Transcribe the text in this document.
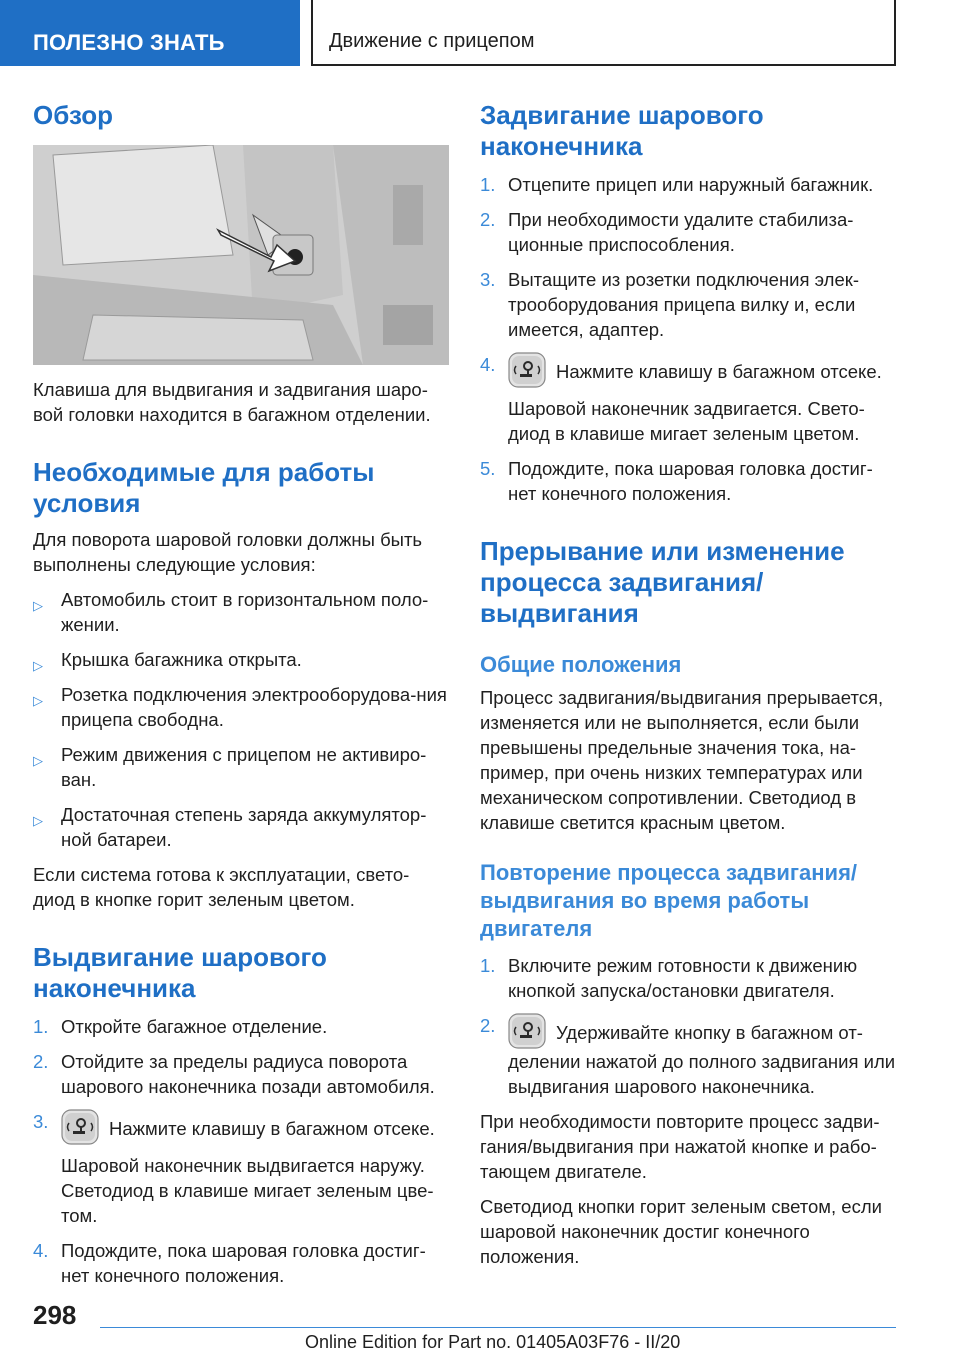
ПОЛЕЗНО ЗНАТЬ	Движение с прицепом
Обзор

Клавиша для выдвигания и задвигания шаро-вой головки находится в багажном отделении.

Необходимые для работы условия

Для поворота шаровой головки должны быть выполнены следующие условия:

▷ Автомобиль стоит в горизонтальном поло-жении.
▷ Крышка багажника открыта.
▷ Розетка подключения электрооборудова-ния прицепа свободна.
▷ Режим движения с прицепом не активиро-ван.
▷ Достаточная степень заряда аккумулятор-ной батареи.

Если система готова к эксплуатации, свето-диод в кнопке горит зеленым цветом.

Выдвигание шарового наконечника
1. Откройте багажное отделение.
2. Отойдите за пределы радиуса поворота шарового наконечника позади автомобиля.
3.	Нажмите клавишу в багажном отсеке.
Шаровой наконечник выдвигается наружу. Светодиод в клавише мигает зеленым цве-том.
4. Подождите, пока шаровая головка достиг-нет конечного положения.
Задвигание шарового наконечника
1. Отцепите прицеп или наружный багажник.
2. При необходимости удалите стабилиза-ционные приспособления.
3. Вытащите из розетки подключения элек-трооборудования прицепа вилку и, если имеется, адаптер.
4.	Нажмите клавишу в багажном отсеке.
Шаровой наконечник задвигается. Свето-диод в клавише мигает зеленым цветом.
5. Подождите, пока шаровая головка достиг-нет конечного положения.
Прерывание или изменение процесса задвигания/ выдвигания
Общие положения

Процесс задвигания/выдвигания прерывается, изменяется или не выполняется, если были превышены предельные значения тока, на-пример, при очень низких температурах или механическом сопротивлении. Светодиод в клавише светится красным цветом.

Повторение процесса задвигания/ выдвигания во время работы двигателя
1. Включите режим готовности к движению кнопкой запуска/остановки двигателя.
2.	Удерживайте кнопку в багажном от-делении нажатой до полного задвигания или выдвигания шарового наконечника.

При необходимости повторите процесс задви-гания/выдвигания при нажатой кнопке и рабо-тающем двигателе.

Светодиод кнопки горит зеленым светом, если шаровой наконечник достиг конечного положения.

298
Online Edition for Part no. 01405A03F76 - II/20
